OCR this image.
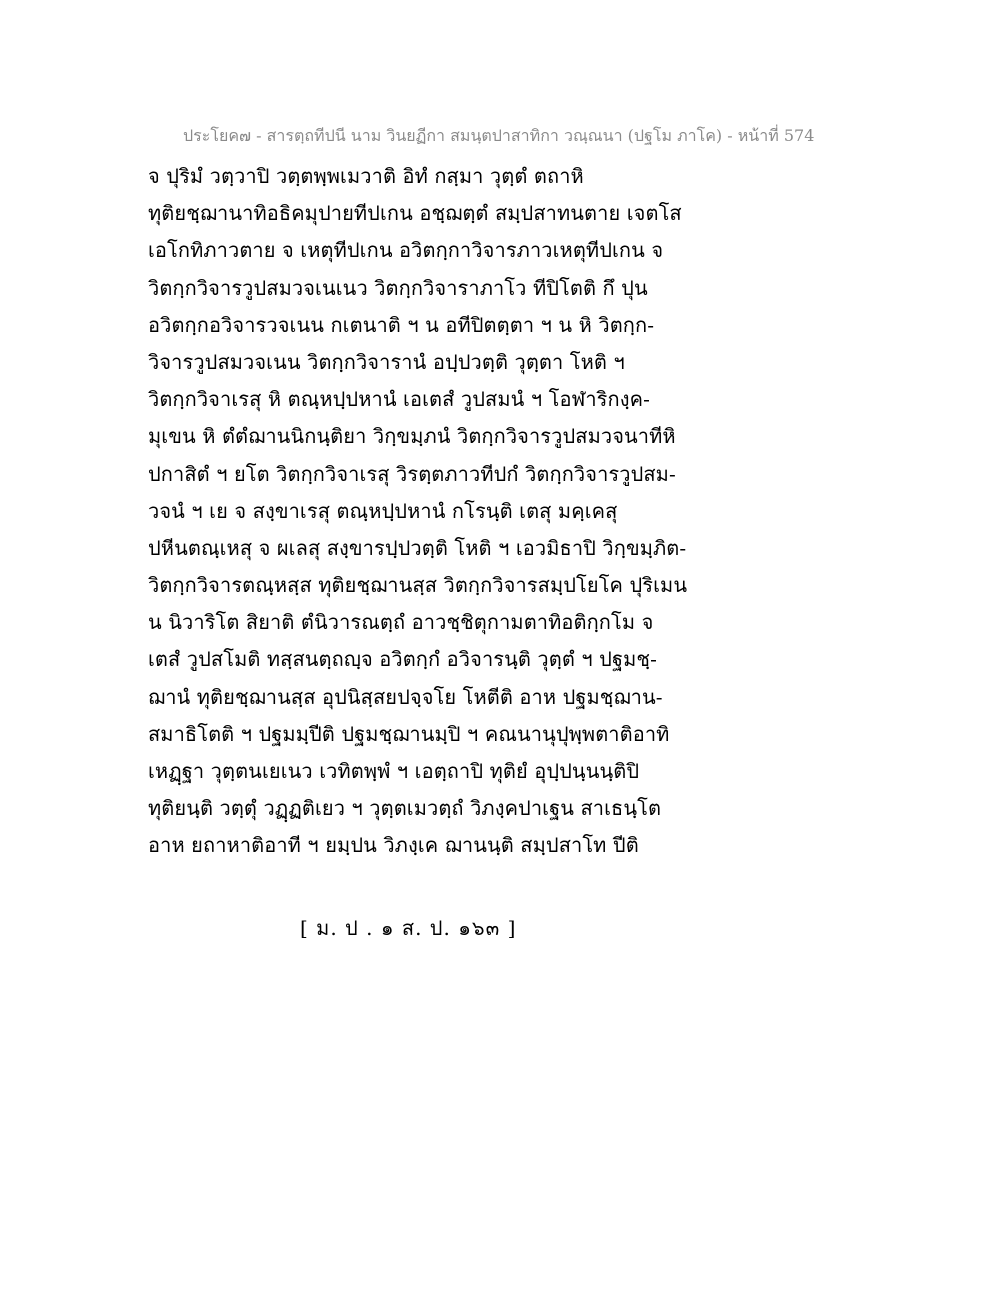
ประโยค๗ - สารตฺถทีปนี นาม วินยฏีกา สมนฺตปาสาทิกา วณฺณนา (ปฐโม ภาโค) - หน้าที่ 574
จ ปุริมํ วตฺวาปิ วตฺตพฺพเมวาติ อิทํ กสฺมา วุตฺตํ ตถาหิ
ทุติยชฺฌานาทิอธิคมุปายทีปเกน อชฺฌตฺตํ สมฺปสาทนตาย เจตโส
เอโกทิภาวตาย จ เหตุทีปเกน อวิตกฺกาวิจารภาวเหตุทีปเกน จ
วิตกฺกวิจารวูปสมวจเนเนว วิตกฺกวิจาราภาโว ทีปิโตติ กึ ปุน
อวิตกฺกอวิจารวจเนน กเตนาติ ฯ น อทีปิตตฺตา ฯ น หิ วิตกฺก-
วิจารวูปสมวจเนน วิตกฺกวิจารานํ อปฺปวตฺติ วุตฺตา โหติ ฯ
วิตกฺกวิจาเรสุ หิ ตณฺหปฺปหานํ เอเตสํ วูปสมนํ ฯ โอฬาริกงฺค-
มุเขน หิ ตํตํฌานนิกนฺติยา วิกฺขมฺภนํ วิตกฺกวิจารวูปสมวจนาทีหิ
ปกาสิตํ ฯ ยโต วิตกฺกวิจาเรสุ วิรตฺตภาวทีปกํ วิตกฺกวิจารวูปสม-
วจนํ ฯ เย จ สงฺขาเรสุ ตณฺหปฺปหานํ กโรนฺติ เตสุ มคฺเคสุ
ปหีนตณฺเหสุ จ ผเลสุ สงฺขารปฺปวตฺติ โหติ ฯ เอวมิธาปิ วิกฺขมฺภิต-
วิตกฺกวิจารตณฺหสฺส ทุติยชฺฌานสฺส วิตกฺกวิจารสมฺปโยโค ปุริเมน
น นิวาริโต สิยาติ ตํนิวารณตฺถํ อาวชฺชิตุกามตาทิอติกฺกโม จ
เตสํ วูปสโมติ ทสฺสนตฺถญฺจ อวิตกฺกํ อวิจารนฺติ วุตฺตํ ฯ ปฐมชฺ-
ฌานํ ทุติยชฺฌานสฺส อุปนิสฺสยปจฺจโย โหตีติ อาห ปฐมชฺฌาน-
สมาธิโตติ ฯ ปฐมมฺปีติ ปฐมชฺฌานมฺปิ ฯ คณนานุปุพฺพตาติอาทิ
เหฏฺฐา วุตฺตนเยเนว เวทิตพฺพํ ฯ เอตฺถาปิ ทุติยํ อุปฺปนฺนนฺติปิ
ทุติยนฺติ วตฺตุํ วฏฺฏติเยว ฯ วุตฺตเมวตฺถํ วิภงฺคปาเฐน สาเธนฺโต
อาห ยถาหาติอาที ฯ ยมฺปน วิภงฺเค ฌานนฺติ สมฺปสาโท ปีติ
[ ม. ป . ๑ ส. ป. ๑๖๓ ]
